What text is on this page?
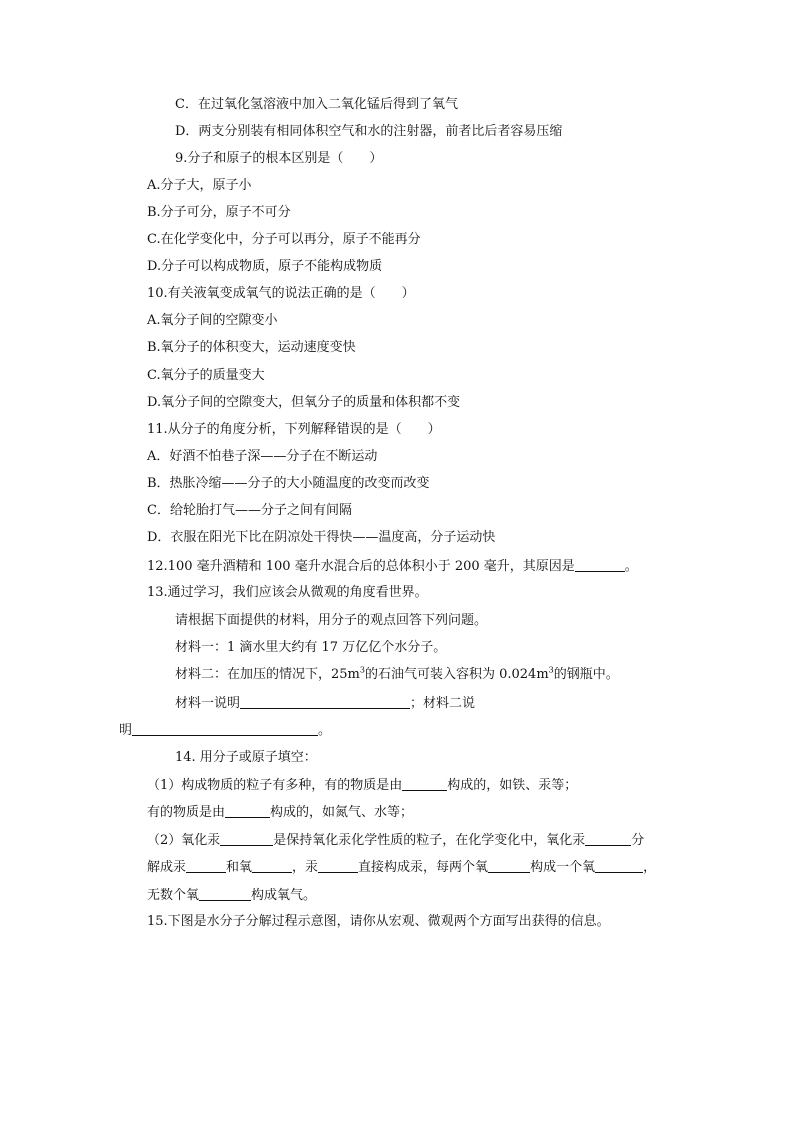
C．在过氧化氢溶液中加入二氧化锰后得到了氧气
D．两支分别装有相同体积空气和水的注射器，前者比后者容易压缩
9.分子和原子的根本区别是（　　）
A.分子大，原子小
B.分子可分，原子不可分
C.在化学变化中，分子可以再分，原子不能再分
D.分子可以构成物质，原子不能构成物质
10.有关液氧变成氧气的说法正确的是（　　）
A.氧分子间的空隙变小
B.氧分子的体积变大，运动速度变快
C.氧分子的质量变大
D.氧分子间的空隙变大，但氧分子的质量和体积都不变
11.从分子的角度分析，下列解释错误的是（　　）
A．好酒不怕巷子深——分子在不断运动
B．热胀冷缩——分子的大小随温度的改变而改变
C．给轮胎打气——分子之间有间隔
D．衣服在阳光下比在阴凉处干得快——温度高，分子运动快
12.100 毫升酒精和 100 毫升水混合后的总体积小于 200 毫升，其原因是	。
13.通过学习，我们应该会从微观的角度看世界。
请根据下面提供的材料，用分子的观点回答下列问题。
材料一：1 滴水里大约有 17 万亿亿个水分子。
材料二：在加压的情况下，$25m^3$的石油气可装入容积为 $0.024m^3$的钢瓶中。
材料一说明	；材料二说
明	。
14. 用分子或原子填空：
（1）构成物质的粒子有多种，有的物质是由	构成的，如铁、汞等；
有的物质是由	构成的，如氮气、水等；
（2）氧化汞	是保持氧化汞化学性质的粒子，在化学变化中，氧化汞	分
解成汞	和氧	，汞	直接构成汞，每两个氧	构成一个氧	，
无数个氧	构成氧气。
15.下图是水分子分解过程示意图，请你从宏观、微观两个方面写出获得的信息。
